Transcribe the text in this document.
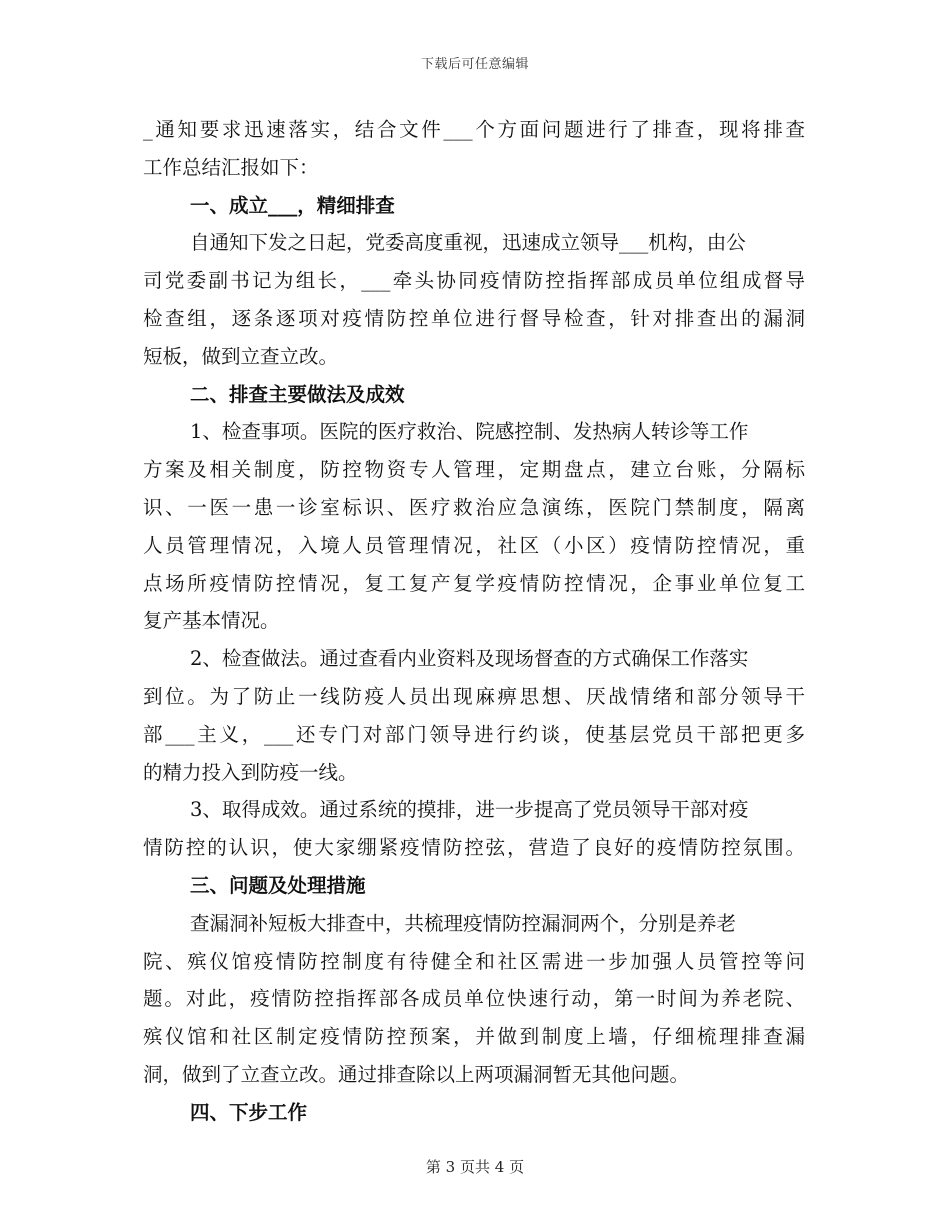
下载后可任意编辑
_通知要求迅速落实，结合文件___个方面问题进行了排查，现将排查
工作总结汇报如下：
一、成立___，精细排查
自通知下发之日起，党委高度重视，迅速成立领导___机构，由公
司党委副书记为组长，___牵头协同疫情防控指挥部成员单位组成督导
检查组，逐条逐项对疫情防控单位进行督导检查，针对排查出的漏洞
短板，做到立查立改。
二、排查主要做法及成效
1、检查事项。医院的医疗救治、院感控制、发热病人转诊等工作
方案及相关制度，防控物资专人管理，定期盘点，建立台账，分隔标
识、一医一患一诊室标识、医疗救治应急演练，医院门禁制度，隔离
人员管理情况，入境人员管理情况，社区（小区）疫情防控情况，重
点场所疫情防控情况，复工复产复学疫情防控情况，企事业单位复工
复产基本情况。
2、检查做法。通过查看内业资料及现场督查的方式确保工作落实
到位。为了防止一线防疫人员出现麻痹思想、厌战情绪和部分领导干
部___主义，___还专门对部门领导进行约谈，使基层党员干部把更多
的精力投入到防疫一线。
3、取得成效。通过系统的摸排，进一步提高了党员领导干部对疫
情防控的认识，使大家绷紧疫情防控弦，营造了良好的疫情防控氛围。
三、问题及处理措施
查漏洞补短板大排查中，共梳理疫情防控漏洞两个，分别是养老
院、殡仪馆疫情防控制度有待健全和社区需进一步加强人员管控等问
题。对此，疫情防控指挥部各成员单位快速行动，第一时间为养老院、
殡仪馆和社区制定疫情防控预案，并做到制度上墙，仔细梳理排查漏
洞，做到了立查立改。通过排查除以上两项漏洞暂无其他问题。
四、下步工作
第 3 页共 4 页
